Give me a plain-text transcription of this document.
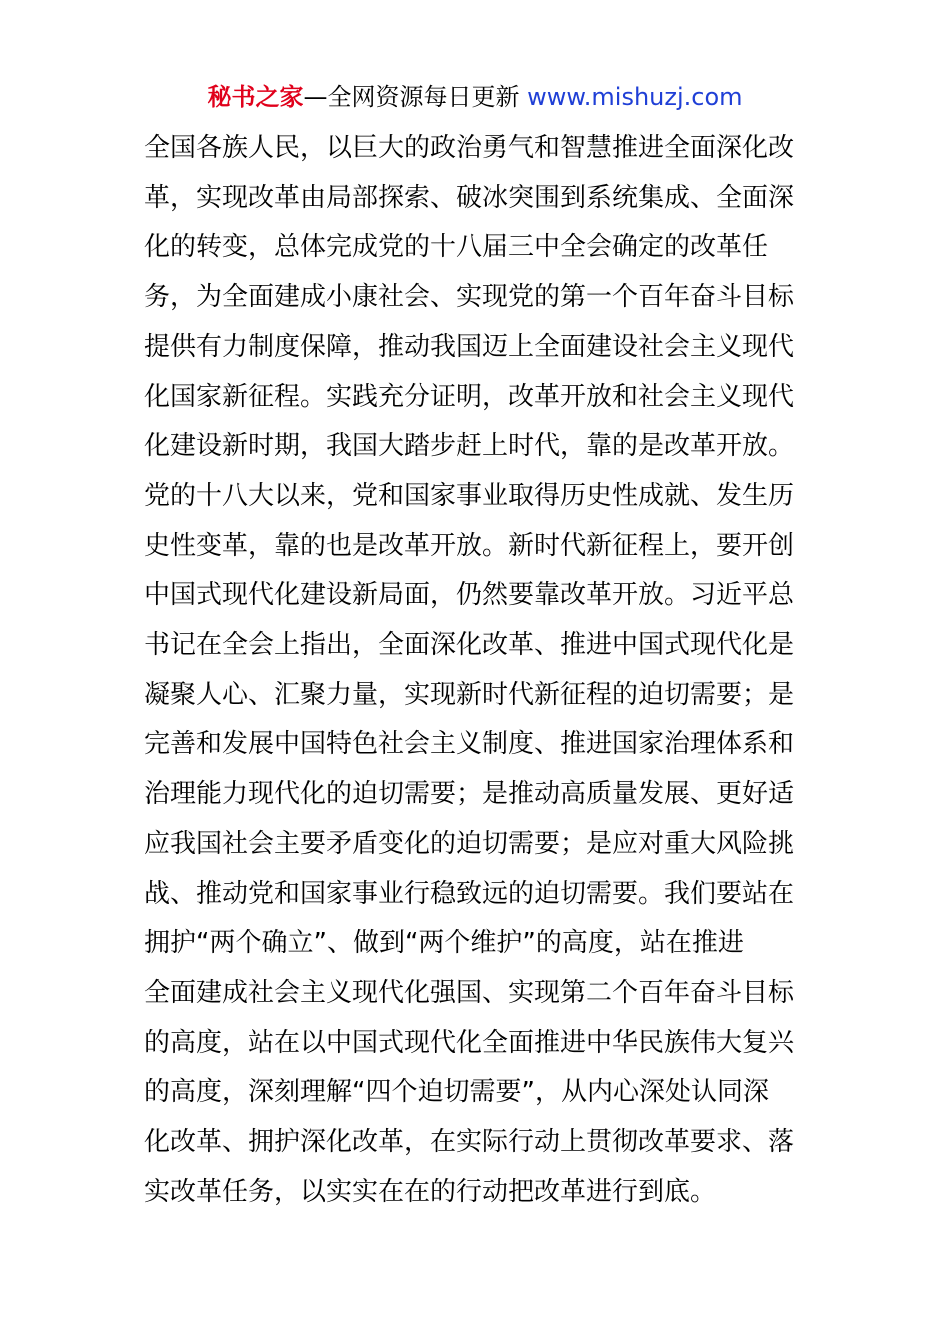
秘书之家—全网资源每日更新 www.mishuzj.com
全国各族人民，以巨大的政治勇气和智慧推进全面深化改
革，实现改革由局部探索、破冰突围到系统集成、全面深
化的转变，总体完成党的十八届三中全会确定的改革任
务，为全面建成小康社会、实现党的第一个百年奋斗目标
提供有力制度保障，推动我国迈上全面建设社会主义现代
化国家新征程。实践充分证明，改革开放和社会主义现代
化建设新时期，我国大踏步赶上时代，靠的是改革开放。
党的十八大以来，党和国家事业取得历史性成就、发生历
史性变革，靠的也是改革开放。新时代新征程上，要开创
中国式现代化建设新局面，仍然要靠改革开放。习近平总
书记在全会上指出，全面深化改革、推进中国式现代化是
凝聚人心、汇聚力量，实现新时代新征程的迫切需要；是
完善和发展中国特色社会主义制度、推进国家治理体系和
治理能力现代化的迫切需要；是推动高质量发展、更好适
应我国社会主要矛盾变化的迫切需要；是应对重大风险挑
战、推动党和国家事业行稳致远的迫切需要。我们要站在
拥护“两个确立”、做到“两个维护”的高度，站在推进
全面建成社会主义现代化强国、实现第二个百年奋斗目标
的高度，站在以中国式现代化全面推进中华民族伟大复兴
的高度，深刻理解“四个迫切需要”，从内心深处认同深
化改革、拥护深化改革，在实际行动上贯彻改革要求、落
实改革任务，以实实在在的行动把改革进行到底。
